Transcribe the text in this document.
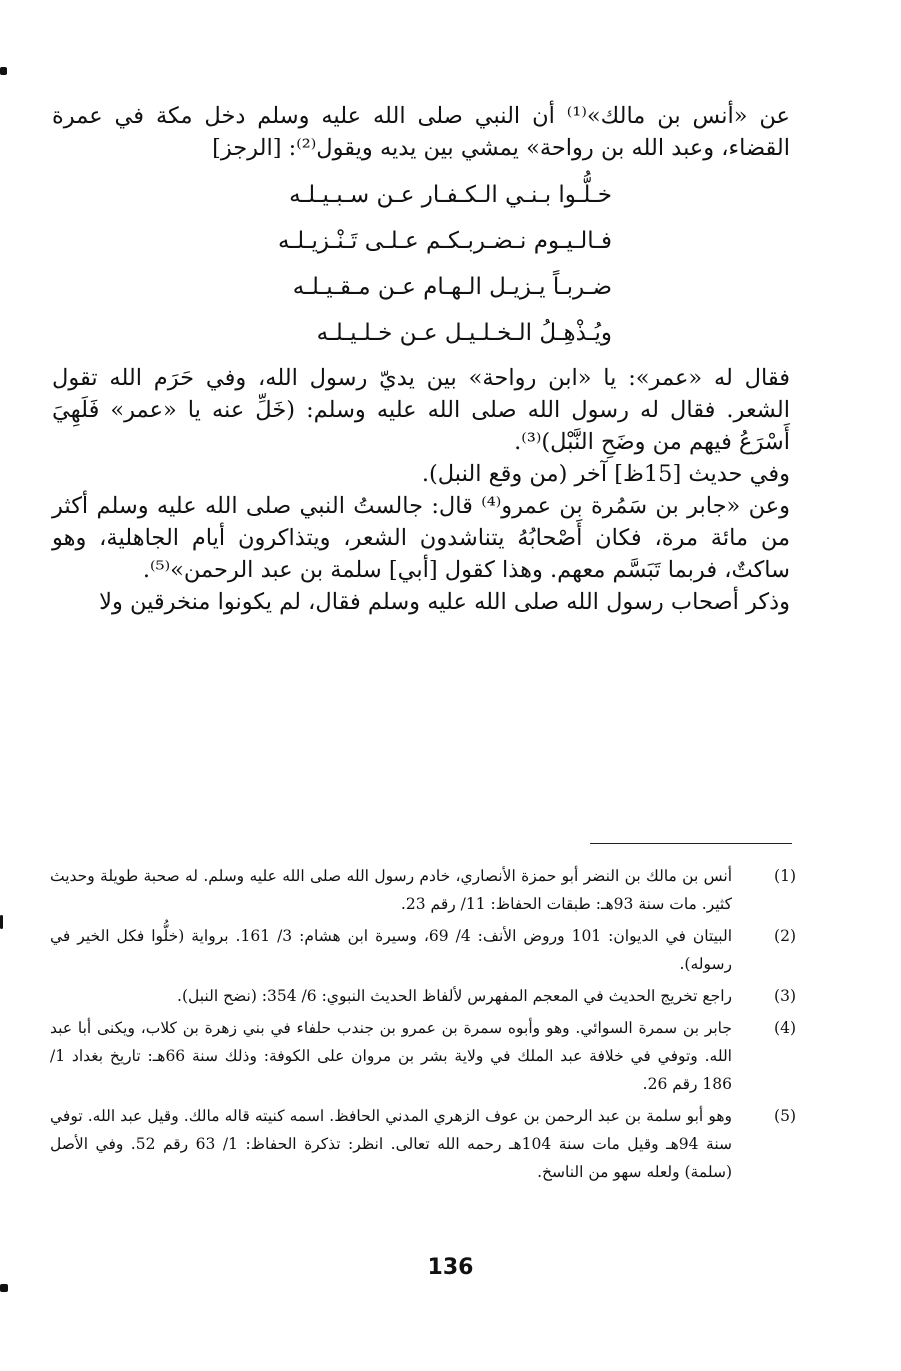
عن «أنس بن مالك»⁽¹⁾ أن النبي صلى الله عليه وسلم دخل مكة في عمرة القضاء، وعبد الله بن رواحة» يمشي بين يديه ويقول⁽²⁾: [الرجز]

خـلُّـوا بـنـي الـكـفـار عـن سـبـيـلـه
فـالـيـوم نـضـربـكـم عـلـى تَـنْـزيـلـه
ضـربـاً يـزيـل الـهـام عـن مـقـيـلـه
ويُـذْهِـلُ الـخـلـيـل عـن خـلـيـلـه

فقال له «عمر»: يا «ابن رواحة» بين يديّ رسول الله، وفي حَرَم الله تقول الشعر. فقال له رسول الله صلى الله عليه وسلم: (خَلِّ عنه يا «عمر» فَلَهِيَ أَسْرَعُ فيهم من وضَحِ النَّبْل)⁽³⁾.

وفي حديث [15ظ] آخر (من وقع النبل).

وعن «جابر بن سَمُرة بن عمرو⁽⁴⁾ قال: جالستُ النبي صلى الله عليه وسلم أكثر من مائة مرة، فكان أَصْحابُهُ يتناشدون الشعر، ويتذاكرون أيام الجاهلية، وهو ساكتٌ، فربما تَبَسَّم معهم. وهذا كقول [أبي] سلمة بن عبد الرحمن»⁽⁵⁾.

وذكر أصحاب رسول الله صلى الله عليه وسلم فقال، لم يكونوا منخرقين ولا

(1)
أنس بن مالك بن النضر أبو حمزة الأنصاري، خادم رسول الله صلى الله عليه وسلم. له صحبة طويلة وحديث كثير. مات سنة 93هـ: طبقات الحفاظ: 11/ رقم 23.
(2)
البيتان في الديوان: 101 وروض الأنف: 4/ 69، وسيرة ابن هشام: 3/ 161. برواية (خلُّوا فكل الخير في رسوله).
(3)
راجع تخريج الحديث في المعجم المفهرس لألفاظ الحديث النبوي: 6/ 354: (نضح النبل).
(4)
جابر بن سمرة السوائي. وهو وأبوه سمرة بن عمرو بن جندب حلفاء في بني زهرة بن كلاب، ويكنى أبا عبد الله. وتوفي في خلافة عبد الملك في ولاية بشر بن مروان على الكوفة: وذلك سنة 66هـ: تاريخ بغداد 1/ 186 رقم 26.
(5)
وهو أبو سلمة بن عبد الرحمن بن عوف الزهري المدني الحافظ. اسمه كنيته قاله مالك. وقيل عبد الله. توفي سنة 94هـ وقيل مات سنة 104هـ رحمه الله تعالى. انظر: تذكرة الحفاظ: 1/ 63 رقم 52. وفي الأصل (سلمة) ولعله سهو من الناسخ.
136
